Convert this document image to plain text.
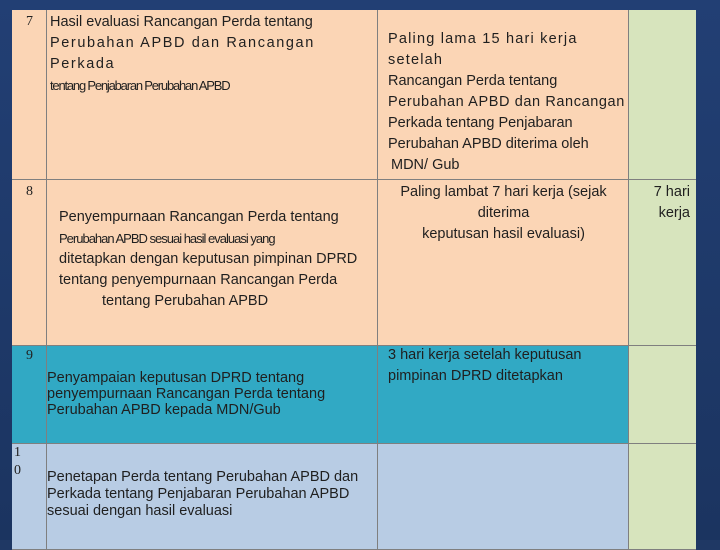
7 Hasil evaluasi Rancangan Perda tentang
Perubahan APBD dan Rancangan Perkada
tentang Penjabaran Perubahan APBD
Paling lama 15 hari kerja setelah
Rancangan Perda tentang
Perubahan APBD dan Rancangan
Perkada tentang Penjabaran
Perubahan APBD diterima oleh
MDN/ Gub
8
Penyempurnaan Rancangan Perda tentang
Perubahan APBD sesuai hasil evaluasi yang
ditetapkan dengan keputusan pimpinan DPRD
tentang penyempurnaan Rancangan Perda
tentang Perubahan APBD
Paling lambat 7 hari kerja (sejak
diterima
keputusan hasil evaluasi)
7 hari
kerja
9
Penyampaian keputusan DPRD tentang
penyempurnaan Rancangan Perda tentang
Perubahan APBD kepada MDN/Gub
3 hari kerja setelah keputusan
pimpinan DPRD ditetapkan
1
0 Penetapan Perda tentang Perubahan APBD dan
Perkada tentang Penjabaran Perubahan APBD
sesuai dengan hasil evaluasi
